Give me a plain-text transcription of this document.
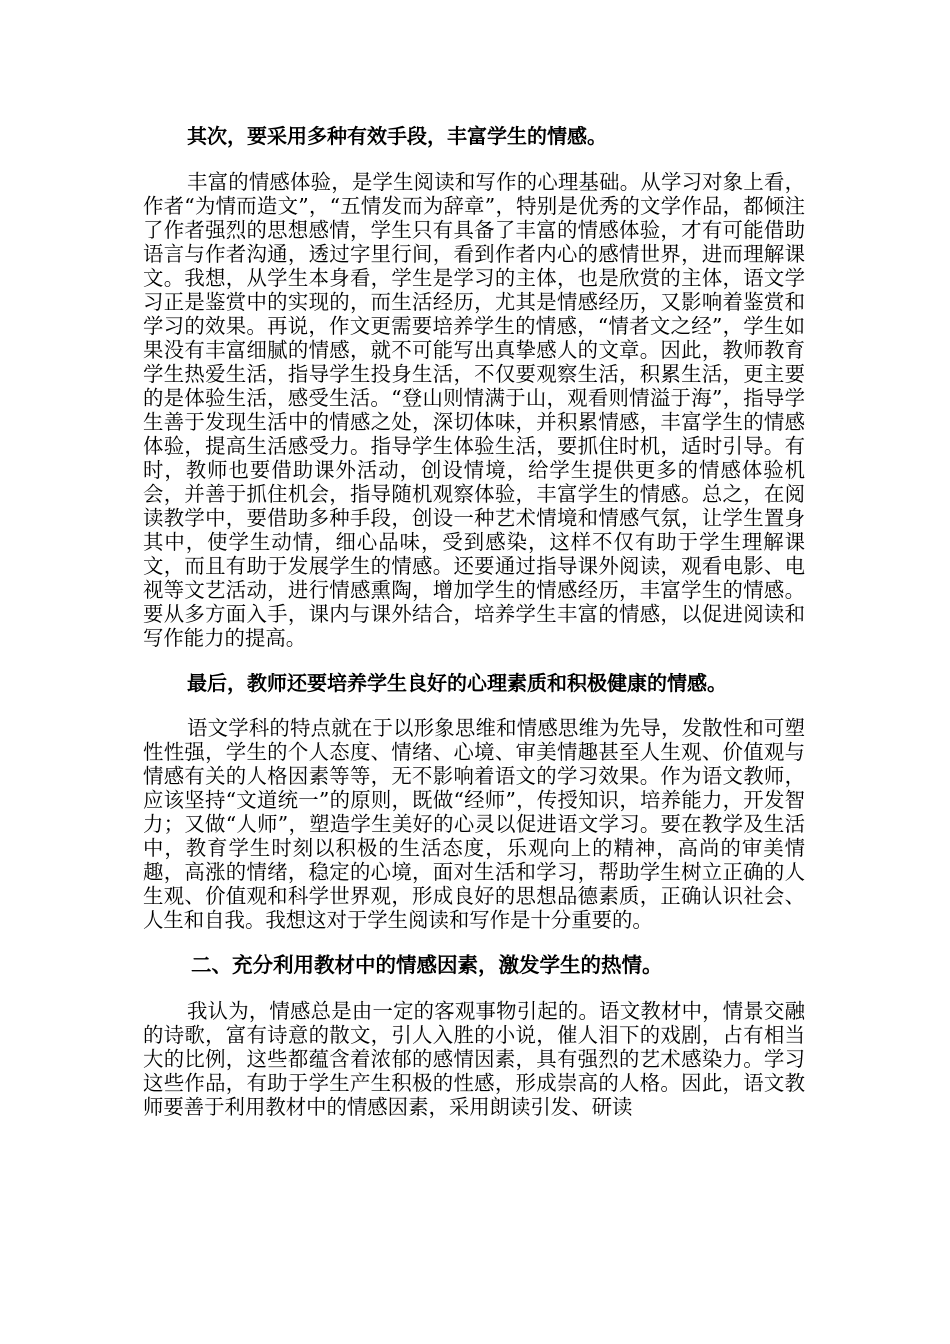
其次，要采用多种有效手段，丰富学生的情感。

丰富的情感体验，是学生阅读和写作的心理基础。从学习对象上看，作者“为情而造文”，“五情发而为辞章”，特别是优秀的文学作品，都倾注了作者强烈的思想感情，学生只有具备了丰富的情感体验，才有可能借助语言与作者沟通，透过字里行间，看到作者内心的感情世界，进而理解课文。我想，从学生本身看，学生是学习的主体，也是欣赏的主体，语文学习正是鉴赏中的实现的，而生活经历，尤其是情感经历，又影响着鉴赏和学习的效果。再说，作文更需要培养学生的情感，“情者文之经”，学生如果没有丰富细腻的情感，就不可能写出真挚感人的文章。因此，教师教育学生热爱生活，指导学生投身生活，不仅要观察生活，积累生活，更主要的是体验生活，感受生活。“登山则情满于山，观看则情溢于海”，指导学生善于发现生活中的情感之处，深切体味，并积累情感，丰富学生的情感体验，提高生活感受力。指导学生体验生活，要抓住时机，适时引导。有时，教师也要借助课外活动，创设情境，给学生提供更多的情感体验机会，并善于抓住机会，指导随机观察体验，丰富学生的情感。总之，在阅读教学中，要借助多种手段，创设一种艺术情境和情感气氛，让学生置身其中，使学生动情，细心品味，受到感染，这样不仅有助于学生理解课文，而且有助于发展学生的情感。还要通过指导课外阅读，观看电影、电视等文艺活动，进行情感熏陶，增加学生的情感经历，丰富学生的情感。要从多方面入手，课内与课外结合，培养学生丰富的情感，以促进阅读和写作能力的提高。

最后，教师还要培养学生良好的心理素质和积极健康的情感。

语文学科的特点就在于以形象思维和情感思维为先导，发散性和可塑性性强，学生的个人态度、情绪、心境、审美情趣甚至人生观、价值观与情感有关的人格因素等等，无不影响着语文的学习效果。作为语文教师，应该坚持“文道统一”的原则，既做“经师”，传授知识，培养能力，开发智力；又做“人师”，塑造学生美好的心灵以促进语文学习。要在教学及生活中，教育学生时刻以积极的生活态度，乐观向上的精神，高尚的审美情趣，高涨的情绪，稳定的心境，面对生活和学习，帮助学生树立正确的人生观、价值观和科学世界观，形成良好的思想品德素质，正确认识社会、人生和自我。我想这对于学生阅读和写作是十分重要的。

二、充分利用教材中的情感因素，激发学生的热情。

我认为，情感总是由一定的客观事物引起的。语文教材中，情景交融的诗歌，富有诗意的散文，引人入胜的小说，催人泪下的戏剧，占有相当大的比例，这些都蕴含着浓郁的感情因素，具有强烈的艺术感染力。学习这些作品，有助于学生产生积极的性感，形成崇高的人格。因此，语文教师要善于利用教材中的情感因素，采用朗读引发、研读
